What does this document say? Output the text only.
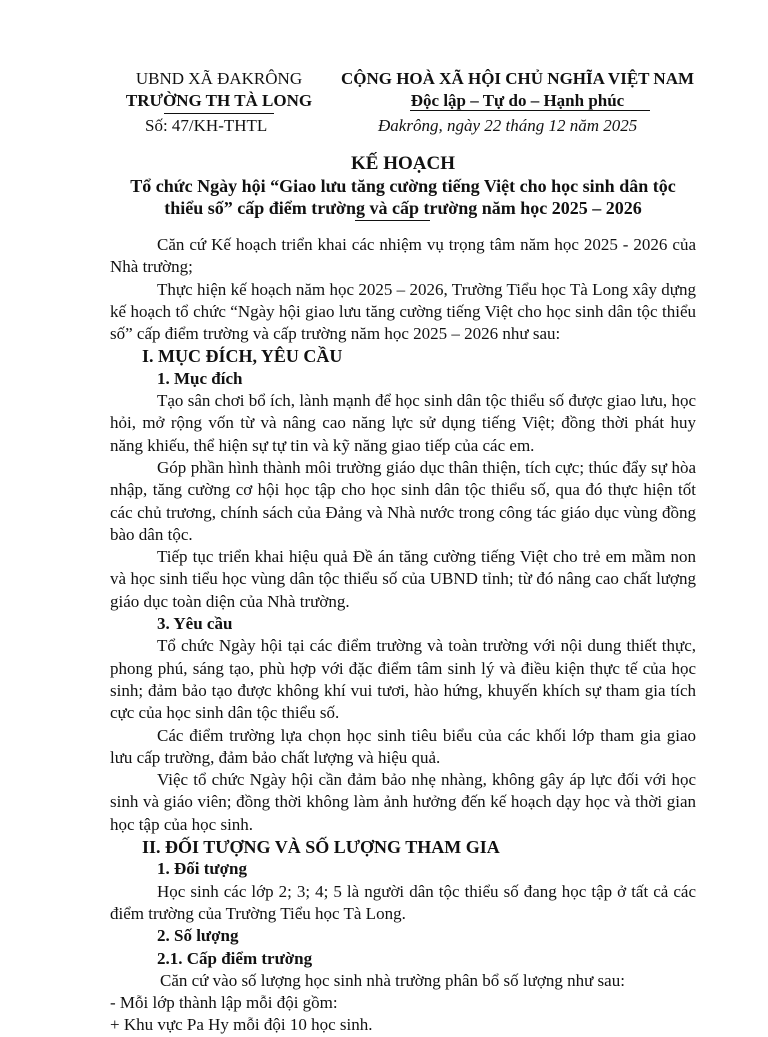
UBND XÃ ĐAKRÔNG
TRƯỜNG TH TÀ LONG
CỘNG HOÀ XÃ HỘI CHỦ NGHĨA VIỆT NAM
Độc lập – Tự do – Hạnh phúc
Số: 47/KH-THTL	Đakrông, ngày 22 tháng 12 năm 2025
KẾ HOẠCH
Tổ chức Ngày hội “Giao lưu tăng cường tiếng Việt cho học sinh dân tộc
thiểu số” cấp điểm trường và cấp trường năm học 2025 – 2026

Căn cứ Kế hoạch triển khai các nhiệm vụ trọng tâm năm học 2025 - 2026 của Nhà trường;

Thực hiện kế hoạch năm học 2025 – 2026, Trường Tiểu học Tà Long xây dựng kế hoạch tổ chức “Ngày hội giao lưu tăng cường tiếng Việt cho học sinh dân tộc thiểu số” cấp điểm trường và cấp trường năm học 2025 – 2026 như sau:

I. MỤC ĐÍCH, YÊU CẦU

1. Mục đích

Tạo sân chơi bổ ích, lành mạnh để học sinh dân tộc thiểu số được giao lưu, học hỏi, mở rộng vốn từ và nâng cao năng lực sử dụng tiếng Việt; đồng thời phát huy năng khiếu, thể hiện sự tự tin và kỹ năng giao tiếp của các em.

Góp phần hình thành môi trường giáo dục thân thiện, tích cực; thúc đẩy sự hòa nhập, tăng cường cơ hội học tập cho học sinh dân tộc thiểu số, qua đó thực hiện tốt các chủ trương, chính sách của Đảng và Nhà nước trong công tác giáo dục vùng đồng bào dân tộc.

Tiếp tục triển khai hiệu quả Đề án tăng cường tiếng Việt cho trẻ em mầm non và học sinh tiểu học vùng dân tộc thiểu số của UBND tỉnh; từ đó nâng cao chất lượng giáo dục toàn diện của Nhà trường.

3. Yêu cầu

Tổ chức Ngày hội tại các điểm trường và toàn trường với nội dung thiết thực, phong phú, sáng tạo, phù hợp với đặc điểm tâm sinh lý và điều kiện thực tế của học sinh; đảm bảo tạo được không khí vui tươi, hào hứng, khuyến khích sự tham gia tích cực của học sinh dân tộc thiểu số.

Các điểm trường lựa chọn học sinh tiêu biểu của các khối lớp tham gia giao lưu cấp trường, đảm bảo chất lượng và hiệu quả.

Việc tổ chức Ngày hội cần đảm bảo nhẹ nhàng, không gây áp lực đối với học sinh và giáo viên; đồng thời không làm ảnh hưởng đến kế hoạch dạy học và thời gian học tập của học sinh.

II. ĐỐI TƯỢNG VÀ SỐ LƯỢNG THAM GIA

1. Đối tượng

Học sinh các lớp 2; 3; 4; 5 là người dân tộc thiểu số đang học tập ở tất cả các điểm trường của Trường Tiểu học Tà Long.

2. Số lượng

2.1. Cấp điểm trường

Căn cứ vào số lượng học sinh nhà trường phân bổ số lượng như sau:

- Mỗi lớp thành lập mỗi đội gồm:

+ Khu vực Pa Hy mỗi đội 10 học sinh.
